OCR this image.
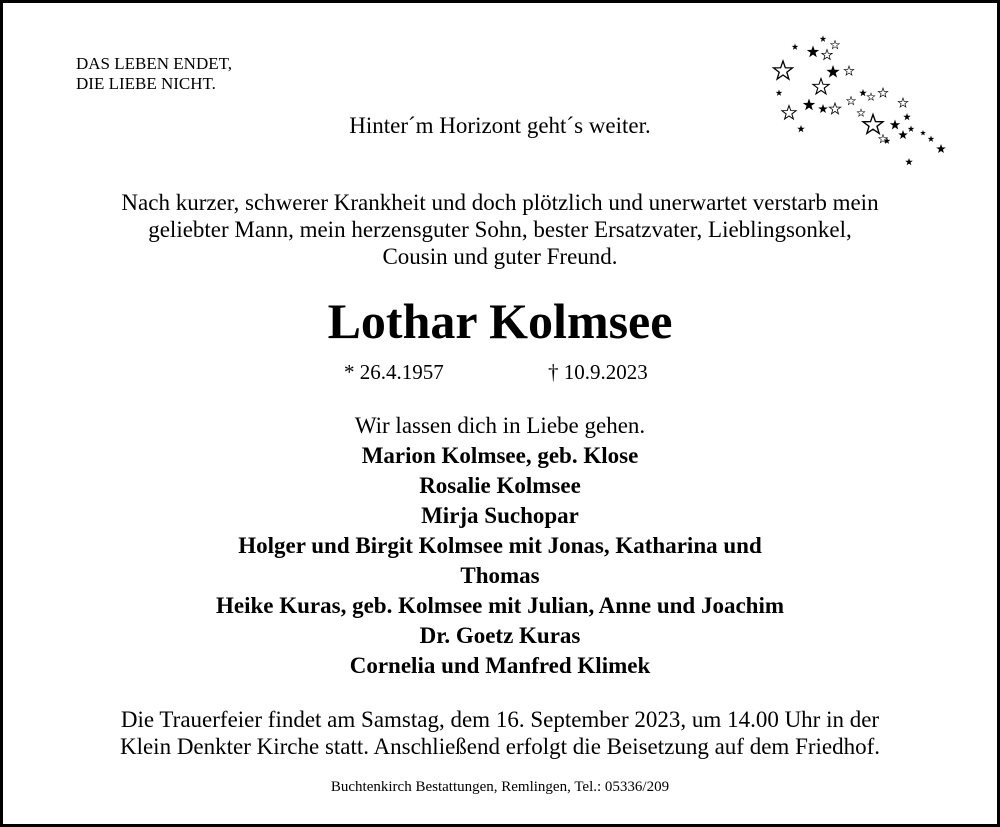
DAS LEBEN ENDET,
DIE LIEBE NICHT.
Hinter´m Horizont geht´s weiter.
Nach kurzer, schwerer Krankheit und doch plötzlich und unerwartet verstarb mein
geliebter Mann, mein herzensguter Sohn, bester Ersatzvater, Lieblingsonkel,
Cousin und guter Freund.
Lothar Kolmsee
* 26.4.1957	† 10.9.2023
Wir lassen dich in Liebe gehen.
Marion Kolmsee, geb. Klose
Rosalie Kolmsee
Mirja Suchopar
Holger und Birgit Kolmsee mit Jonas, Katharina und
Thomas
Heike Kuras, geb. Kolmsee mit Julian, Anne und Joachim
Dr. Goetz Kuras
Cornelia und Manfred Klimek
Die Trauerfeier findet am Samstag, dem 16. September 2023, um 14.00 Uhr in der
Klein Denkter Kirche statt. Anschließend erfolgt die Beisetzung auf dem Friedhof.
Buchtenkirch Bestattungen, Remlingen, Tel.: 05336/209
